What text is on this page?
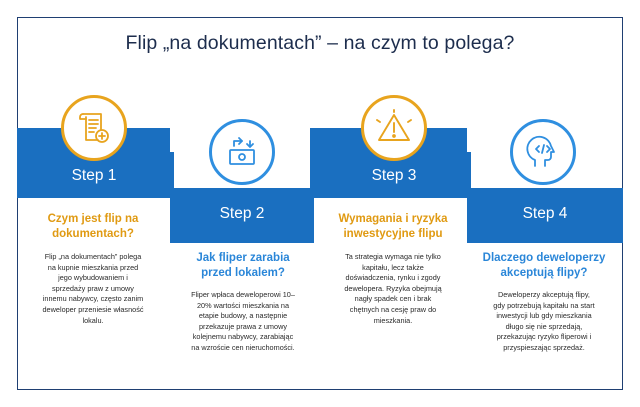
Flip „na dokumentach” – na czym to polega?
Step 1
Czym jest flip na
dokumentach?
Flip „na dokumentach” polega
na kupnie mieszkania przed
jego wybudowaniem i
sprzedaży praw z umowy
innemu nabywcy, często zanim
deweloper przeniesie własność
lokalu.
Step 2
Jak fliper zarabia
przed lokalem?
Fliper wpłaca deweloperowi 10–
20% wartości mieszkania na
etapie budowy, a następnie
przekazuje prawa z umowy
kolejnemu nabywcy, zarabiając
na wzroście cen nieruchomości.
Step 3
Wymagania i ryzyka
inwestycyjne flipu
Ta strategia wymaga nie tylko
kapitału, lecz także
doświadczenia, rynku i zgody
dewelopera. Ryzyka obejmują
nagły spadek cen i brak
chętnych na cesję praw do
mieszkania.
Step 4
Dlaczego deweloperzy
akceptują flipy?
Deweloperzy akceptują flipy,
gdy potrzebują kapitału na start
inwestycji lub gdy mieszkania
długo się nie sprzedają,
przekazując ryzyko fliperowi i
przyspieszając sprzedaż.
